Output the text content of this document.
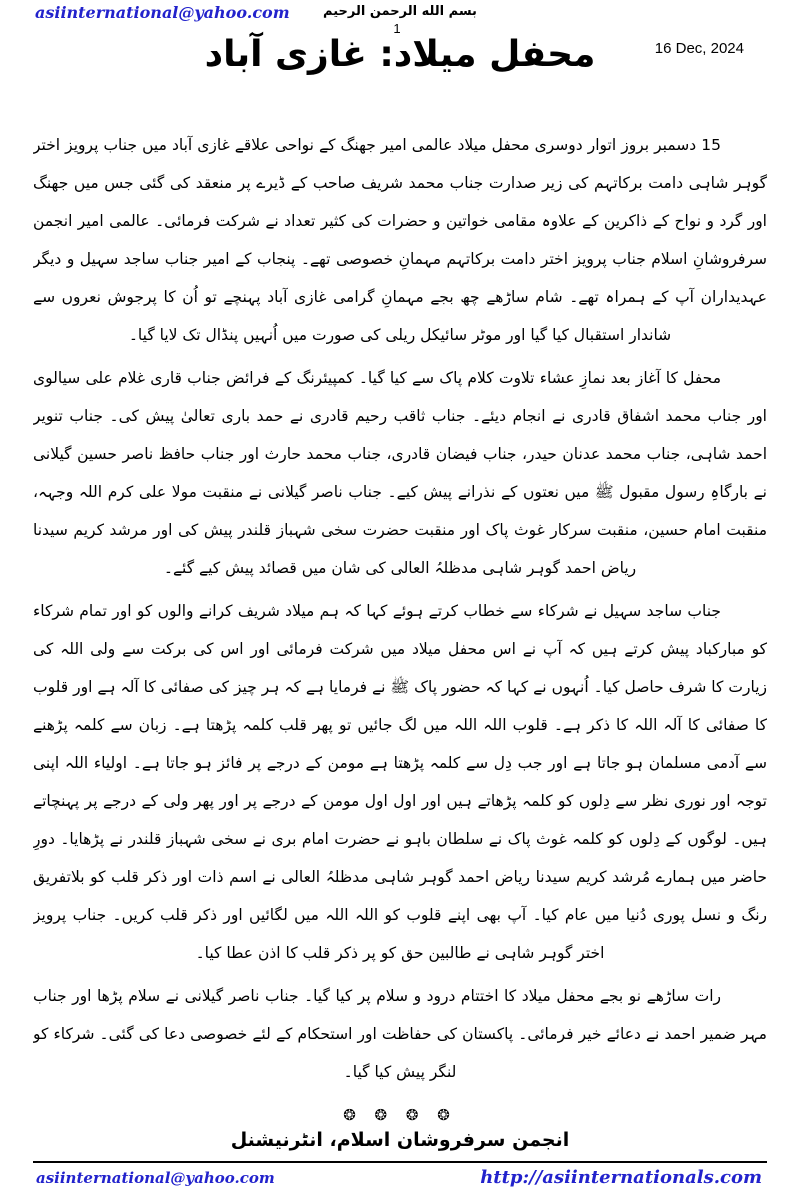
asiinternational@yahoo.com	بسم الله الرحمن الرحيم
1
16 Dec, 2024
محفل میلاد: غازی آباد

15 دسمبر بروز اتوار دوسری محفل میلاد عالمی امیر جھنگ کے نواحی علاقے غازی آباد میں جناب پرویز اختر گوہر شاہی دامت برکاتہم کی زیر صدارت جناب محمد شریف صاحب کے ڈیرے پر منعقد کی گئی جس میں جھنگ اور گرد و نواح کے ذاکرین کے علاوہ مقامی خواتین و حضرات کی کثیر تعداد نے شرکت فرمائی۔ عالمی امیر انجمن سرفروشانِ اسلام جناب پرویز اختر دامت برکاتہم مہمانِ خصوصی تھے۔ پنجاب کے امیر جناب ساجد سہیل و دیگر عہدیداران آپ کے ہمراہ تھے۔ شام ساڑھے چھ بجے مہمانِ گرامی غازی آباد پہنچے تو اُن کا پرجوش نعروں سے شاندار استقبال کیا گیا اور موٹر سائیکل ریلی کی صورت میں اُنہیں پنڈال تک لایا گیا۔

محفل کا آغاز بعد نمازِ عشاء تلاوت کلام پاک سے کیا گیا۔ کمپیئرنگ کے فرائض جناب قاری غلام علی سیالوی اور جناب محمد اشفاق قادری نے انجام دیئے۔ جناب ثاقب رحیم قادری نے حمد باری تعالیٰ پیش کی۔ جناب تنویر احمد شاہی، جناب محمد عدنان حیدر، جناب فیضان قادری، جناب محمد حارث اور جناب حافظ ناصر حسین گیلانی نے بارگاہِ رسول مقبول ﷺ میں نعتوں کے نذرانے پیش کیے۔ جناب ناصر گیلانی نے منقبت مولا علی کرم اللہ وجہہ، منقبت امام حسین، منقبت سرکار غوث پاک اور منقبت حضرت سخی شہباز قلندر پیش کی اور مرشد کریم سیدنا ریاض احمد گوہر شاہی مدظلہُ العالی کی شان میں قصائد پیش کیے گئے۔

جناب ساجد سہیل نے شرکاء سے خطاب کرتے ہوئے کہا کہ ہم میلاد شریف کرانے والوں کو اور تمام شرکاء کو مبارکباد پیش کرتے ہیں کہ آپ نے اس محفل میلاد میں شرکت فرمائی اور اس کی برکت سے ولی اللہ کی زیارت کا شرف حاصل کیا۔ اُنہوں نے کہا کہ حضور پاک ﷺ نے فرمایا ہے کہ ہر چیز کی صفائی کا آلہ ہے اور قلوب کا صفائی کا آلہ اللہ کا ذکر ہے۔ قلوب اللہ اللہ میں لگ جائیں تو پھر قلب کلمہ پڑھتا ہے۔ زبان سے کلمہ پڑھنے سے آدمی مسلمان ہو جاتا ہے اور جب دِل سے کلمہ پڑھتا ہے مومن کے درجے پر فائز ہو جاتا ہے۔ اولیاء اللہ اپنی توجہ اور نوری نظر سے دِلوں کو کلمہ پڑھاتے ہیں اور اول اول مومن کے درجے پر اور پھر ولی کے درجے پر پہنچاتے ہیں۔ لوگوں کے دِلوں کو کلمہ غوث پاک نے سلطان باہو نے حضرت امام بری نے سخی شہباز قلندر نے پڑھایا۔ دورِ حاضر میں ہمارے مُرشد کریم سیدنا ریاض احمد گوہر شاہی مدظلہُ العالی نے اسم ذات اور ذکر قلب کو بلاتفریق رنگ و نسل پوری دُنیا میں عام کیا۔ آپ بھی اپنے قلوب کو اللہ اللہ میں لگائیں اور ذکر قلب کریں۔ جناب پرویز اختر گوہر شاہی نے طالبین حق کو پر ذکر قلب کا اذن عطا کیا۔

رات ساڑھے نو بجے محفل میلاد کا اختتام درود و سلام پر کیا گیا۔ جناب ناصر گیلانی نے سلام پڑھا اور جناب مہر ضمیر احمد نے دعائے خیر فرمائی۔ پاکستان کی حفاظت اور استحکام کے لئے خصوصی دعا کی گئی۔ شرکاء کو لنگر پیش کیا گیا۔

❂ ❂ ❂ ❂
انجمن سرفروشان اسلام، انٹرنیشنل
asiinternational@yahoo.com	http://asiinternationals.com
